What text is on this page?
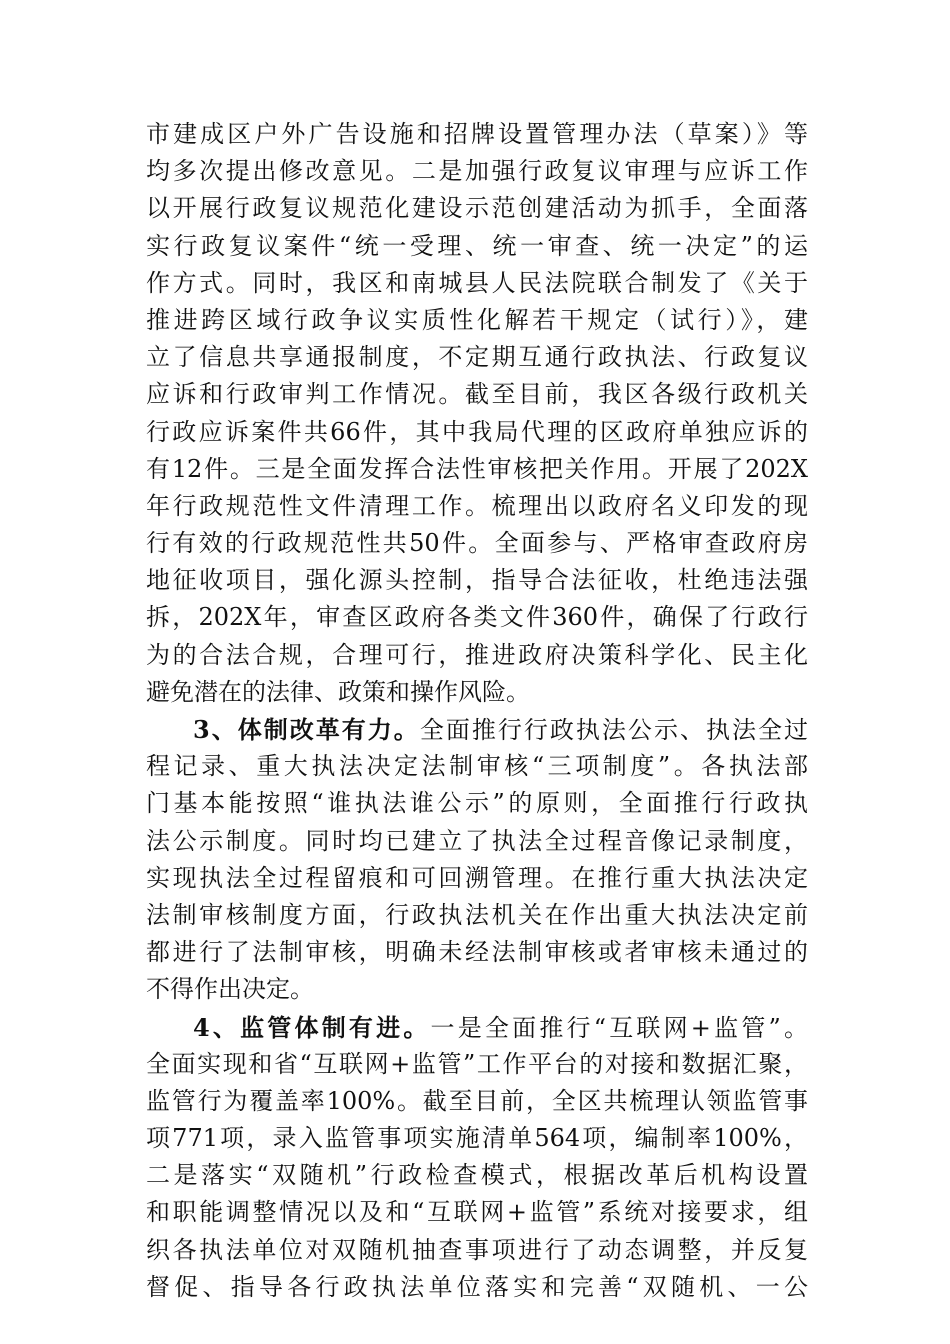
市建成区户外广告设施和招牌设置管理办法（草案）》等
均多次提出修改意见。二是加强行政复议审理与应诉工作
以开展行政复议规范化建设示范创建活动为抓手，全面落
实行政复议案件“统一受理、统一审查、统一决定”的运
作方式。同时，我区和南城县人民法院联合制发了《关于
推进跨区域行政争议实质性化解若干规定（试行）》，建
立了信息共享通报制度，不定期互通行政执法、行政复议
应诉和行政审判工作情况。截至目前，我区各级行政机关
行政应诉案件共66件，其中我局代理的区政府单独应诉的
有12件。三是全面发挥合法性审核把关作用。开展了202X
年行政规范性文件清理工作。梳理出以政府名义印发的现
行有效的行政规范性共50件。全面参与、严格审查政府房
地征收项目，强化源头控制，指导合法征收，杜绝违法强
拆，202X年，审查区政府各类文件360件，确保了行政行
为的合法合规，合理可行，推进政府决策科学化、民主化
避免潜在的法律、政策和操作风险。
3、体制改革有力。全面推行行政执法公示、执法全过
程记录、重大执法决定法制审核“三项制度”。各执法部
门基本能按照“谁执法谁公示”的原则，全面推行行政执
法公示制度。同时均已建立了执法全过程音像记录制度，
实现执法全过程留痕和可回溯管理。在推行重大执法决定
法制审核制度方面，行政执法机关在作出重大执法决定前
都进行了法制审核，明确未经法制审核或者审核未通过的
不得作出决定。
4、监管体制有进。一是全面推行“互联网+监管”。
全面实现和省“互联网+监管”工作平台的对接和数据汇聚，
监管行为覆盖率100%。截至目前，全区共梳理认领监管事
项771项，录入监管事项实施清单564项，编制率100%，
二是落实“双随机”行政检查模式，根据改革后机构设置
和职能调整情况以及和“互联网+监管”系统对接要求，组
织各执法单位对双随机抽查事项进行了动态调整，并反复
督促、指导各行政执法单位落实和完善“双随机、一公
